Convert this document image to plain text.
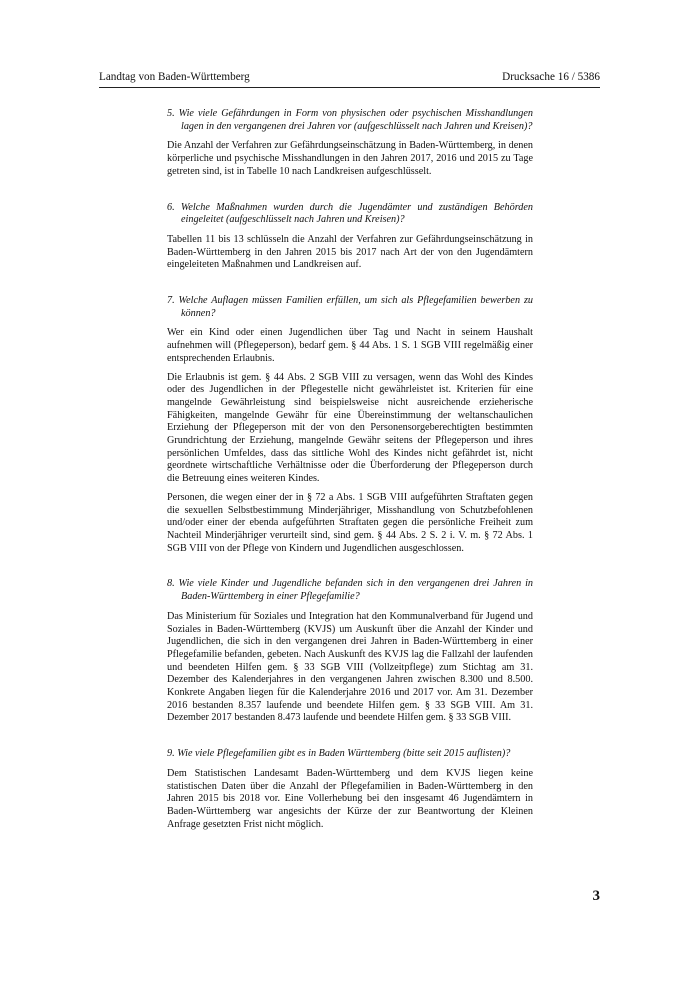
Landtag von Baden-Württemberg	Drucksache 16 / 5386

5. Wie viele Gefährdungen in Form von physischen oder psychischen Misshandlungen lagen in den vergangenen drei Jahren vor (aufgeschlüsselt nach Jahren und Kreisen)?

Die Anzahl der Verfahren zur Gefährdungseinschätzung in Baden-Württemberg, in denen körperliche und psychische Misshandlungen in den Jahren 2017, 2016 und 2015 zu Tage getreten sind, ist in Tabelle 10 nach Landkreisen aufgeschlüsselt.

6. Welche Maßnahmen wurden durch die Jugendämter und zuständigen Behörden eingeleitet (aufgeschlüsselt nach Jahren und Kreisen)?

Tabellen 11 bis 13 schlüsseln die Anzahl der Verfahren zur Gefährdungseinschätzung in Baden-Württemberg in den Jahren 2015 bis 2017 nach Art der von den Jugendämtern eingeleiteten Maßnahmen und Landkreisen auf.

7. Welche Auflagen müssen Familien erfüllen, um sich als Pflegefamilien bewerben zu können?

Wer ein Kind oder einen Jugendlichen über Tag und Nacht in seinem Haushalt aufnehmen will (Pflegeperson), bedarf gem. § 44 Abs. 1 S. 1 SGB VIII regelmäßig einer entsprechenden Erlaubnis.

Die Erlaubnis ist gem. § 44 Abs. 2 SGB VIII zu versagen, wenn das Wohl des Kindes oder des Jugendlichen in der Pflegestelle nicht gewährleistet ist. Kriterien für eine mangelnde Gewährleistung sind beispielsweise nicht ausreichende erzieherische Fähigkeiten, mangelnde Gewähr für eine Übereinstimmung der weltanschaulichen Erziehung der Pflegeperson mit der von den Personensorgeberechtigten bestimmten Grundrichtung der Erziehung, mangelnde Gewähr seitens der Pflegeperson und ihres persönlichen Umfeldes, dass das sittliche Wohl des Kindes nicht gefährdet ist, nicht geordnete wirtschaftliche Verhältnisse oder die Überforderung der Pflegeperson durch die Betreuung eines weiteren Kindes.

Personen, die wegen einer der in § 72 a Abs. 1 SGB VIII aufgeführten Straftaten gegen die sexuellen Selbstbestimmung Minderjähriger, Misshandlung von Schutzbefohlenen und/oder einer der ebenda aufgeführten Straftaten gegen die persönliche Freiheit zum Nachteil Minderjähriger verurteilt sind, sind gem. § 44 Abs. 2 S. 2 i. V. m. § 72 Abs. 1 SGB VIII von der Pflege von Kindern und Jugendlichen ausgeschlossen.

8. Wie viele Kinder und Jugendliche befanden sich in den vergangenen drei Jahren in Baden-Württemberg in einer Pflegefamilie?

Das Ministerium für Soziales und Integration hat den Kommunalverband für Jugend und Soziales in Baden-Württemberg (KVJS) um Auskunft über die Anzahl der Kinder und Jugendlichen, die sich in den vergangenen drei Jahren in Baden-Württemberg in einer Pflegefamilie befanden, gebeten. Nach Auskunft des KVJS lag die Fallzahl der laufenden und beendeten Hilfen gem. § 33 SGB VIII (Vollzeitpflege) zum Stichtag am 31. Dezember des Kalenderjahres in den vergangenen Jahren zwischen 8.300 und 8.500. Konkrete Angaben liegen für die Kalenderjahre 2016 und 2017 vor. Am 31. Dezember 2016 bestanden 8.357 laufende und beendete Hilfen gem. § 33 SGB VIII. Am 31. Dezember 2017 bestanden 8.473 laufende und beendete Hilfen gem. § 33 SGB VIII.

9. Wie viele Pflegefamilien gibt es in Baden Württemberg (bitte seit 2015 auflisten)?

Dem Statistischen Landesamt Baden-Württemberg und dem KVJS liegen keine statistischen Daten über die Anzahl der Pflegefamilien in Baden-Württemberg in den Jahren 2015 bis 2018 vor. Eine Vollerhebung bei den insgesamt 46 Jugendämtern in Baden-Württemberg war angesichts der Kürze der zur Beantwortung der Kleinen Anfrage gesetzten Frist nicht möglich.

3
